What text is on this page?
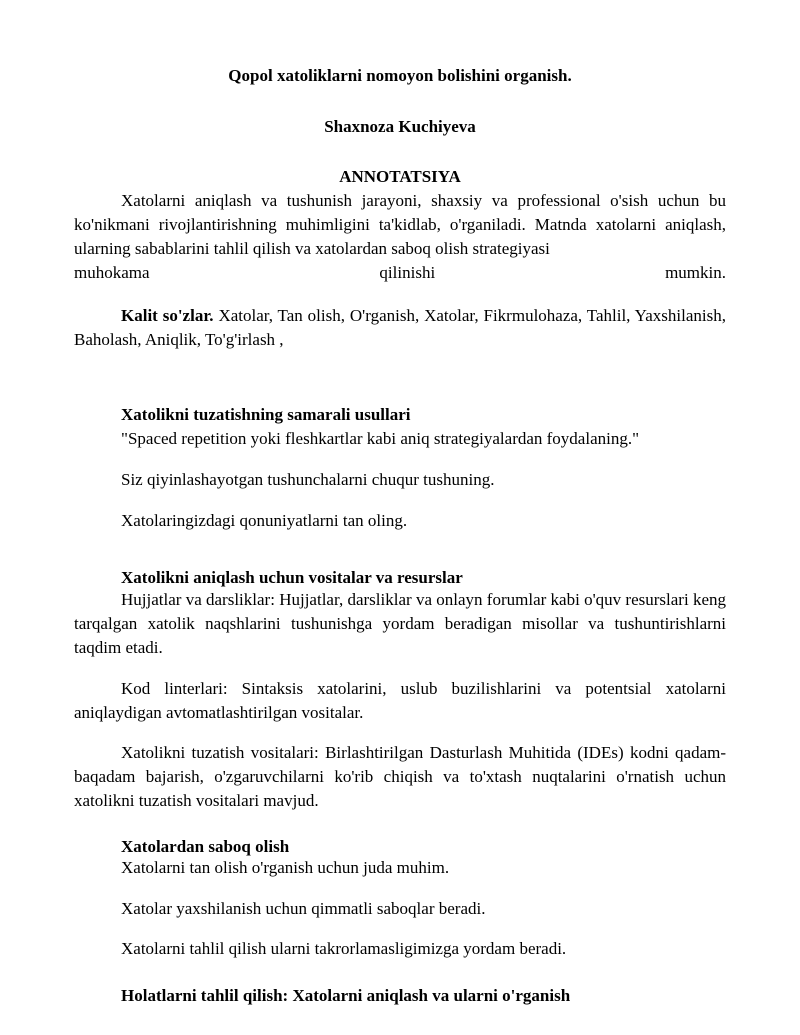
Qopol xatoliklarni nomoyon bolishini organish.
Shaxnoza Kuchiyeva
ANNOTATSIYA
Xatolarni aniqlash va tushunish jarayoni, shaxsiy va professional o'sish uchun bu ko'nikmani rivojlantirishning muhimligini ta'kidlab, o'rganiladi. Matnda xatolarni aniqlash, ularning sabablarini tahlil qilish va xatolardan saboq olish strategiyasi
muhokama qilinishi mumkin.
Kalit so'zlar. Xatolar, Tan olish, O'rganish, Xatolar, Fikrmulohaza, Tahlil, Yaxshilanish, Baholash, Aniqlik, To'g'irlash ,
Xatolikni tuzatishning samarali usullari
"Spaced repetition yoki fleshkartlar kabi aniq strategiyalardan foydalaning."
Siz qiyinlashayotgan tushunchalarni chuqur tushuning.
Xatolaringizdagi qonuniyatlarni tan oling.
Xatolikni aniqlash uchun vositalar va resurslar
Hujjatlar va darsliklar: Hujjatlar, darsliklar va onlayn forumlar kabi o'quv resurslari keng tarqalgan xatolik naqshlarini tushunishga yordam beradigan misollar va tushuntirishlarni taqdim etadi.
Kod linterlari: Sintaksis xatolarini, uslub buzilishlarini va potentsial xatolarni aniqlaydigan avtomatlashtirilgan vositalar.
Xatolikni tuzatish vositalari: Birlashtirilgan Dasturlash Muhitida (IDEs) kodni qadam-baqadam bajarish, o'zgaruvchilarni ko'rib chiqish va to'xtash nuqtalarini o'rnatish uchun xatolikni tuzatish vositalari mavjud.
Xatolardan saboq olish
Xatolarni tan olish o'rganish uchun juda muhim.
Xatolar yaxshilanish uchun qimmatli saboqlar beradi.
Xatolarni tahlil qilish ularni takrorlamasligimizga yordam beradi.
Holatlarni tahlil qilish: Xatolarni aniqlash va ularni o'rganish
